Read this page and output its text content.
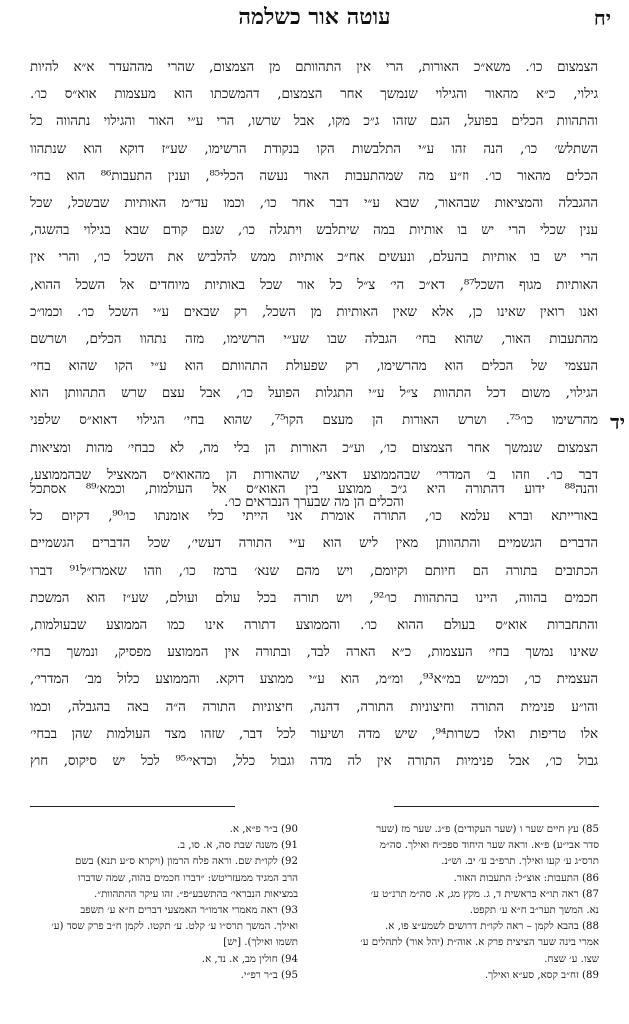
יח
עוטה אור כשלמה
יד
הצמצום כו׳. משא״כ האורות, הרי אין התהוותם מן הצמצום, שהרי מההעדר א״א להיות
גילוי, כ״א מהאור והגילוי שנמשך אחר הצמצום, דהמשכתו הוא מעצמות אוא״ס כו׳.
והתהוות הכלים בפועל, הגם שזהו ג״כ מקו, אבל שרשו, הרי ע״י האור והגילוי נתהווה כל
השתלש׳ כו׳, הנה זהו ע״י התלבשות הקו בנקודת הרשימו, שע״ז דוקא הוא שנתהוו
הכלים מהאור כו׳. וז״ע מה שמהתעבות האור נעשה הכלי⁸⁵, וענין התעבות⁸⁶ הוא בחי׳
ההגבלה והמציאות שבהאור, שבא ע״י דבר אחר כו׳, וכמו עד״מ האותיות שבשכל, שכל
ענין שכלי הרי יש בו אותיות במה שיתלבש ויתגלה כו׳, שגם קודם שבא בגילוי בהשגה,
הרי יש בו אותיות בהעלם, ונעשים אח״כ אותיות ממש להלביש את השכל כו׳, והרי אין
האותיות מגוף השכל⁸⁷, דא״כ הי׳ צ״ל כל אור שכל באותיות מיוחדים אל השכל ההוא,
ואנו רואין שאינו כן, אלא שאין האותיות מן השכל, רק שבאים ע״י השכל כו׳. וכמו״כ
מהתעבות האור, שהוא בחי׳ הגבלה שבו שע״י הרשימו, מזה נתהוו הכלים, ושרשם
העצמי של הכלים הוא מהרשימו, רק שפעולת התהוותם הוא ע״י הקו שהוא בחי׳
הגילוי, משום דכל התהוות צ״ל ע״י התגלות הפועל כו׳, אבל עצם שרש התהוותן הוא
מהרשימו כו׳⁷⁵. ושרש האורות הן מעצם הקו⁷⁵, שהוא בחי׳ הגילוי דאוא״ס שלפני
הצמצום שנמשך אחר הצמצום כו׳, וע״כ האורות הן בלי מה, לא כבחי׳ מהות ומציאות
דבר כו׳. וזהו ב׳ המדרי׳ שבהממוצע דאצי׳, שהאורות הן מהאוא״ס המאציל שבהממוצע,
והכלים הן מה שבערך הנבראים כו׳.
והנה⁸⁸ ידוע דהתורה היא ג״כ ממוצע בין האוא״ס אל העולמות, וכמא׳⁸⁹ אסתכל
באורייתא וברא עלמא כו׳, התורה אומרת אני הייתי כלי אומנתו כו׳⁹⁰, דקיום כל
הדברים הגשמיים והתהוותן מאין ליש הוא ע״י התורה דעשי׳, שכל הדברים הגשמיים
הכתובים בתורה הם חיותם וקיומם, ויש מהם שנא׳ ברמז כו׳, וזהו שאמרז״ל⁹¹ דברו
חכמים בהווה, היינו בהתהוות כו׳⁹², ויש תורה בכל עולם ועולם, שע״ז הוא המשכת
והתחברות אוא״ס בעולם ההוא כו׳. והממוצע דתורה אינו כמו הממוצע שבעולמות,
שאינו נמשך בחי׳ העצמות, כ״א הארה לבד, ובתורה אין הממוצע מפסיק, ונמשך בחי׳
העצמית כו׳, וכמ״ש במ״א⁹³, ומ״מ, הוא ע״י ממוצע דוקא. והממוצע כלול מב׳ המדרי׳,
והו״ע פנימית התורה וחיצוניות התורה, דהנה, חיצוניות התורה ה״ה באה בהגבלה, וכמו
אלו טריפות ואלו כשרות⁹⁴, שיש מדה ושיעור לכל דבר, שזהו מצד העולמות שהן בבחי׳
גבול כו׳, אבל פנימיות התורה אין לה מדה וגבול כלל, וכדאי׳⁹⁵ לכל יש סיקוס, חוץ
85) עץ חיים שער ו (שער העקודים) פ״ג. שער מז (שער
סדר אבי״ע) פ״א. וראה שער היחוד ספכ״ח ואילך. סה״מ
תרס״ג ע׳ קעו ואילך. תרפ״ב ע׳ יב. וש״נ.
86) התעבות: אוצ״ל: התעבות האור.
87) ראה תו״א בראשית ד, ג. מקץ מג, א. סה״מ תרנ״ט ע׳
נא. המשך תער״ב ח״א ע׳ תקפט.
88) בהבא לקמן – ראה לקו״ת דרושים לשמע״צ פו, א.
אמרי בינה שער הציצית פרק א. אוה״ת (יהל אור) לתהלים ע׳
שצו. ע׳ שצח.
89) זח״ב קסא, סע״א ואילך.
90) ב״ר פ״א, א.
91) משנה שבת סה, א. סו, ב.
92) לקו״ת שם. וראה פלח הרמון (ויקרא ס״ע תנא) בשם
הרב המגיד ממעזריטש: ״דברו חכמים בהוה, שמה שדברו
במציאות הנבראי׳ בהתשבע״פ״. זהו עיקר ההתהוות״.
93) ראה מאמרי אדמו״ר האמצעי דברים ח״א ע׳ תשפב
ואילך. המשך תרס״ו ע׳ קלט. ע׳ תקטו. לקמן ח״ב פרק שסד (ע׳
תשמו ואילך). [יש]
94) חולין מב, א. נד, א.
95) ב״ר רפ״י.
